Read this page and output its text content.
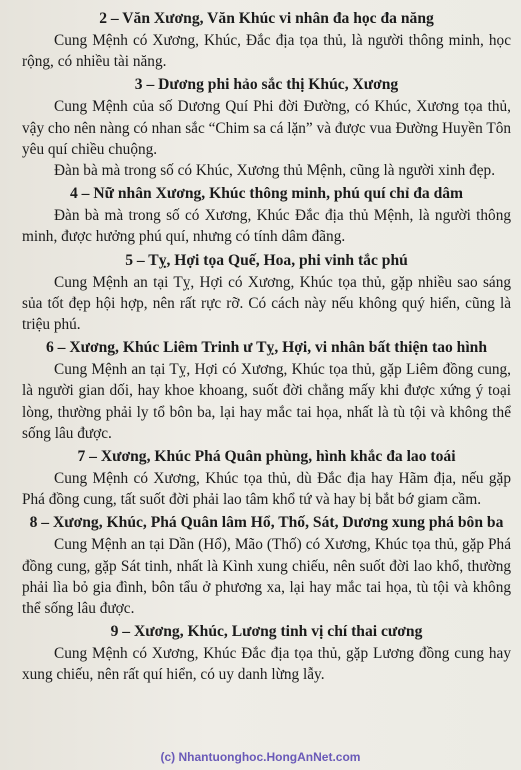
2 – Văn Xương, Văn Khúc vi nhân đa học đa năng

Cung Mệnh có Xương, Khúc, Đắc địa tọa thủ, là người thông minh, học rộng, có nhiều tài năng.

3 – Dương phi hảo sắc thị Khúc, Xương

Cung Mệnh của số Dương Quí Phi đời Đường, có Khúc, Xương tọa thủ, vậy cho nên nàng có nhan sắc “Chim sa cá lặn” và được vua Đường Huyền Tôn yêu quí chiều chuộng.

Đàn bà mà trong số có Khúc, Xương thủ Mệnh, cũng là người xinh đẹp.

4 – Nữ nhân Xương, Khúc thông minh, phú quí chỉ đa dâm

Đàn bà mà trong số có Xương, Khúc Đắc địa thủ Mệnh, là người thông minh, được hưởng phú quí, nhưng có tính dâm đãng.

5 – Tỵ, Hợi tọa Quế, Hoa, phi vinh tắc phú

Cung Mệnh an tại Tỵ, Hợi có Xương, Khúc tọa thủ, gặp nhiều sao sáng sủa tốt đẹp hội hợp, nên rất rực rỡ. Có cách này nếu không quý hiển, cũng là triệu phú.

6 – Xương, Khúc Liêm Trinh ư Tỵ, Hợi, vi nhân bất thiện tao hình

Cung Mệnh an tại Tỵ, Hợi có Xương, Khúc tọa thủ, gặp Liêm đồng cung, là người gian dối, hay khoe khoang, suốt đời chẳng mấy khi được xứng ý toại lòng, thường phải ly tổ bôn ba, lại hay mắc tai họa, nhất là tù tội và không thể sống lâu được.

7 – Xương, Khúc Phá Quân phùng, hình khắc đa lao toái

Cung Mệnh có Xương, Khúc tọa thủ, dù Đắc địa hay Hãm địa, nếu gặp Phá đồng cung, tất suốt đời phải lao tâm khổ tứ và hay bị bắt bớ giam cầm.

8 – Xương, Khúc, Phá Quân lâm Hổ, Thố, Sát, Dương xung phá bôn ba

Cung Mệnh an tại Dần (Hổ), Mão (Thố) có Xương, Khúc tọa thủ, gặp Phá đồng cung, gặp Sát tinh, nhất là Kình xung chiếu, nên suốt đời lao khổ, thường phải lìa bỏ gia đình, bôn tẩu ở phương xa, lại hay mắc tai họa, tù tội và không thể sống lâu được.

9 – Xương, Khúc, Lương tinh vị chí thai cương

Cung Mệnh có Xương, Khúc Đắc địa tọa thủ, gặp Lương đồng cung hay xung chiếu, nên rất quí hiển, có uy danh lừng lẫy.

(c) Nhantuonghoc.HongAnNet.com
